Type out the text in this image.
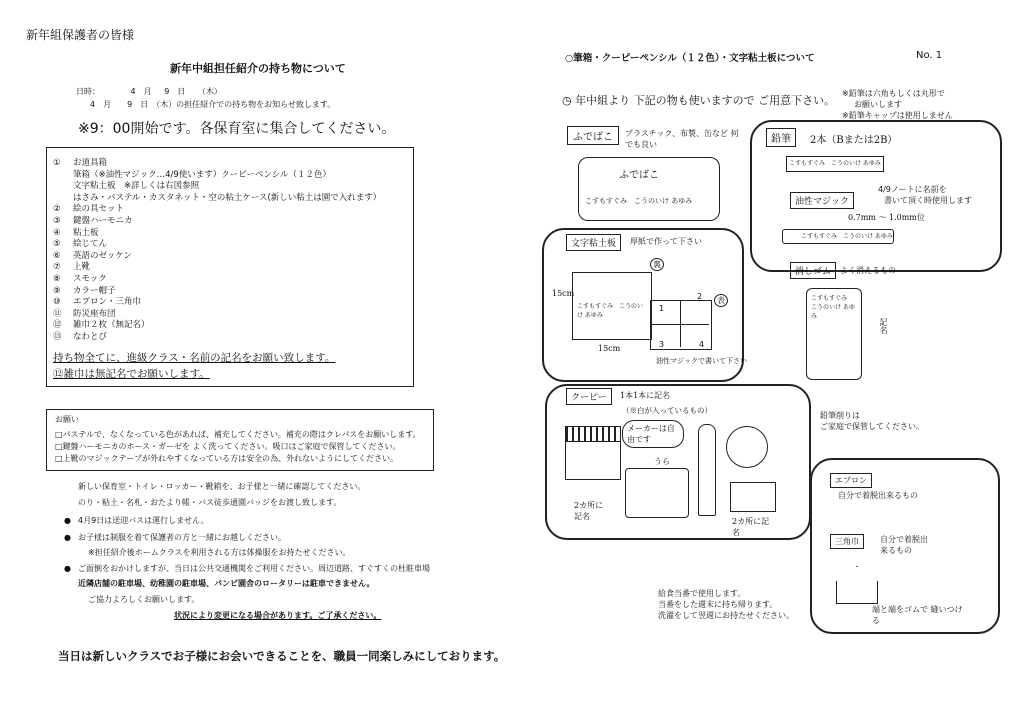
新年組保護者の皆様
新年中組担任紹介の持ち物について
日時：	4　月 9　日 （木）
4　月　　9　日　（木）の担任紹介での持ち物をお知らせ致します。
※9：00開始です。各保育室に集合してください。
① お道具箱
筆箱（※油性マジック…4/9使います）クーピーペンシル（１２色）
文字粘土板　※詳しくは右図参照
はさみ・パステル・カスタネット・空の粘土ケース(新しい粘土は園で入れます）
② 絵の具セット
③ 鍵盤ハーモニカ
④ 粘土板
⑤ 絵じてん
⑥ 英語のゼッケン
⑦ 上靴
⑧ スモック
⑨ カラー帽子
⑩ エプロン・三角巾
⑪ 防災座布団
⑫ 雑巾２枚（無記名）
⑬ なわとび
持ち物全てに、進級クラス・名前の記名をお願い致します。
⑫雑巾は無記名でお願いします。
お願い
□パステルで、なくなっている色があれば、補充してください。補充の際はクレパスをお願いします。
□鍵盤ハーモニカのホース・ガーゼを よく洗ってください。吸口はご家庭で保管してください。
□上靴のマジックテープが外れやすくなっている方は安全の為、外れないようにしてください。
新しい保育室・トイレ・ロッカー・靴箱を、お子様と一緒に確認してください。
のり・粘土・名札・おたより帳・バス徒歩通園バッジをお渡し致します。
● 4月9日は送迎バスは運行しません。
● お子様は制服を着て保護者の方と一緒にお越しください。
※担任紹介後ホームクラスを利用される方は体操服をお持たせください。
● ご面倒をおかけしますが、当日は公共交通機関をご利用ください。周辺道路、すぐすくの杜駐車場
近隣店舗の駐車場、幼稚園の駐車場、パンビ園舎のロータリーは駐車できません。
ご協力よろしくお願いします。
状況により変更になる場合があります。ご了承ください。
当日は新しいクラスでお子様にお会いできることを、職員一同楽しみにしております。
○筆箱・クーピーペンシル（１２色）・文字粘土板について	No. 1
◷ 年中組より 下記の物も使いますので ご用意下さい。
※鉛筆は六角もしくは丸形で
お願いします
※鉛筆キャップは使用しません
ふでばこ	プラスチック、布製、缶など 何でも良い
ふでばこ
こすもすぐみ　こうのいけ あゆみ
鉛筆	2本（Bまたは2B）
こすもすぐみ　こうのいけ あゆみ
油性マジック
4/9ノートに名前を
書いて頂く時使用します
0.7mm ～ 1.0mm位
こすもすぐみ　こうのいけ あゆみ
消しゴム	よく消えるもの
こすもすぐみ　こうのいけ あゆみ
記名
文字粘土板	厚紙で作って下さい
裏
表
15cm
15cm
こすもすぐみ　こうのいけ あゆみ
1
2
3	4
油性マジックで書いて下さい
クーピー	1本1本に記名
（※白が入っているもの）
メーカーは自由です
うら
2カ所に記名
2カ所に記名
鉛筆削りは
ご家庭で保管してください。
エプロン
自分で着脱出来るもの
三角巾	自分で着脱出来るもの
端と端をゴムで 縫いつける
給食当番で使用します。
当番をした週末に持ち帰ります。
洗濯をして翌週にお持たせください。
